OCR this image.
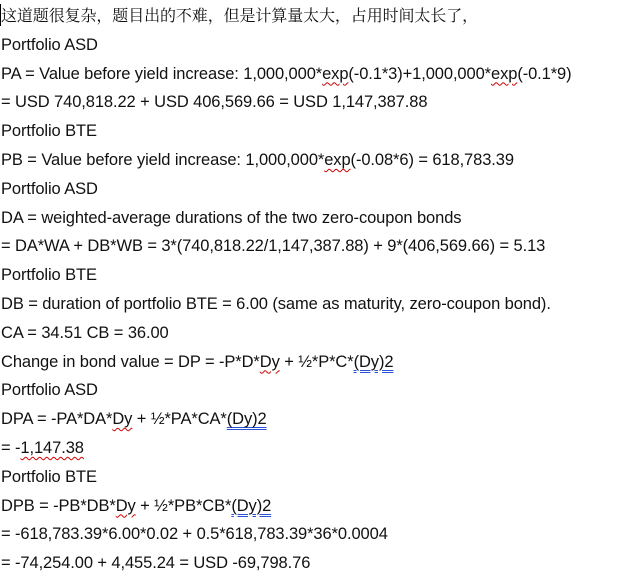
这道题很复杂，题目出的不难，但是计算量太大，占用时间太长了，
Portfolio ASD
PA = Value before yield increase: 1,000,000*exp(-0.1*3)+1,000,000*exp(-0.1*9)
= USD 740,818.22 + USD 406,569.66 = USD 1,147,387.88
Portfolio BTE
PB = Value before yield increase: 1,000,000*exp(-0.08*6) = 618,783.39
Portfolio ASD
DA = weighted-average durations of the two zero-coupon bonds
= DA*WA + DB*WB = 3*(740,818.22/1,147,387.88) + 9*(406,569.66) = 5.13
Portfolio BTE
DB = duration of portfolio BTE = 6.00 (same as maturity, zero-coupon bond).
CA = 34.51 CB = 36.00
Change in bond value = DP = -P*D*Dy + ½*P*C*(Dy)2
Portfolio ASD
DPA = -PA*DA*Dy + ½*PA*CA*(Dy)2
= -1,147.38
Portfolio BTE
DPB = -PB*DB*Dy + ½*PB*CB*(Dy)2
= -618,783.39*6.00*0.02 + 0.5*618,783.39*36*0.0004
= -74,254.00 + 4,455.24 = USD -69,798.76
